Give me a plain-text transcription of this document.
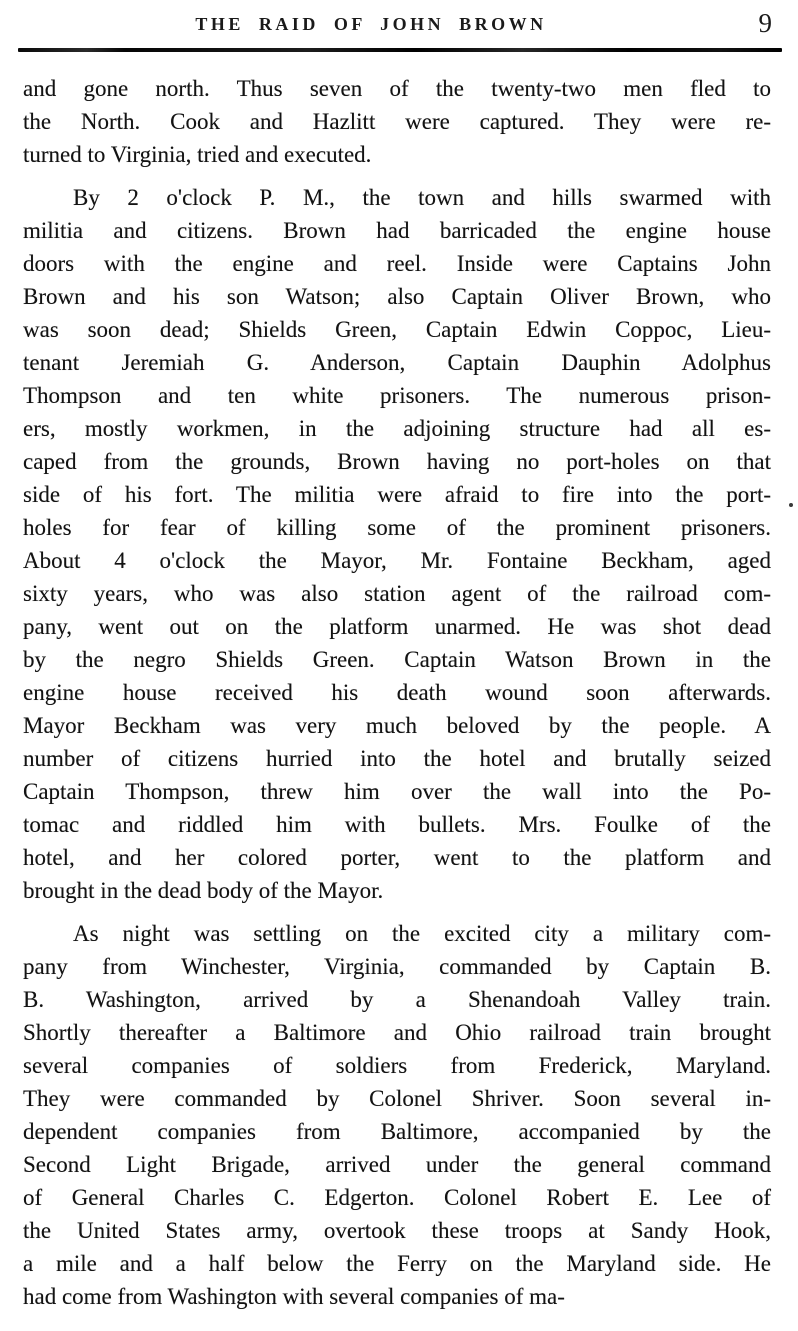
THE RAID OF JOHN BROWN	9
and gone north. Thus seven of the twenty-two men fled to
the North. Cook and Hazlitt were captured. They were re-
turned to Virginia, tried and executed.
By 2 o'clock P. M., the town and hills swarmed with
militia and citizens. Brown had barricaded the engine house
doors with the engine and reel. Inside were Captains John
Brown and his son Watson; also Captain Oliver Brown, who
was soon dead; Shields Green, Captain Edwin Coppoc, Lieu-
tenant Jeremiah G. Anderson, Captain Dauphin Adolphus
Thompson and ten white prisoners. The numerous prison-
ers, mostly workmen, in the adjoining structure had all es-
caped from the grounds, Brown having no port-holes on that
side of his fort. The militia were afraid to fire into the port-
holes for fear of killing some of the prominent prisoners.
About 4 o'clock the Mayor, Mr. Fontaine Beckham, aged
sixty years, who was also station agent of the railroad com-
pany, went out on the platform unarmed. He was shot dead
by the negro Shields Green. Captain Watson Brown in the
engine house received his death wound soon afterwards.
Mayor Beckham was very much beloved by the people. A
number of citizens hurried into the hotel and brutally seized
Captain Thompson, threw him over the wall into the Po-
tomac and riddled him with bullets. Mrs. Foulke of the
hotel, and her colored porter, went to the platform and
brought in the dead body of the Mayor.
As night was settling on the excited city a military com-
pany from Winchester, Virginia, commanded by Captain B.
B. Washington, arrived by a Shenandoah Valley train.
Shortly thereafter a Baltimore and Ohio railroad train brought
several companies of soldiers from Frederick, Maryland.
They were commanded by Colonel Shriver. Soon several in-
dependent companies from Baltimore, accompanied by the
Second Light Brigade, arrived under the general command
of General Charles C. Edgerton. Colonel Robert E. Lee of
the United States army, overtook these troops at Sandy Hook,
a mile and a half below the Ferry on the Maryland side. He
had come from Washington with several companies of ma-
